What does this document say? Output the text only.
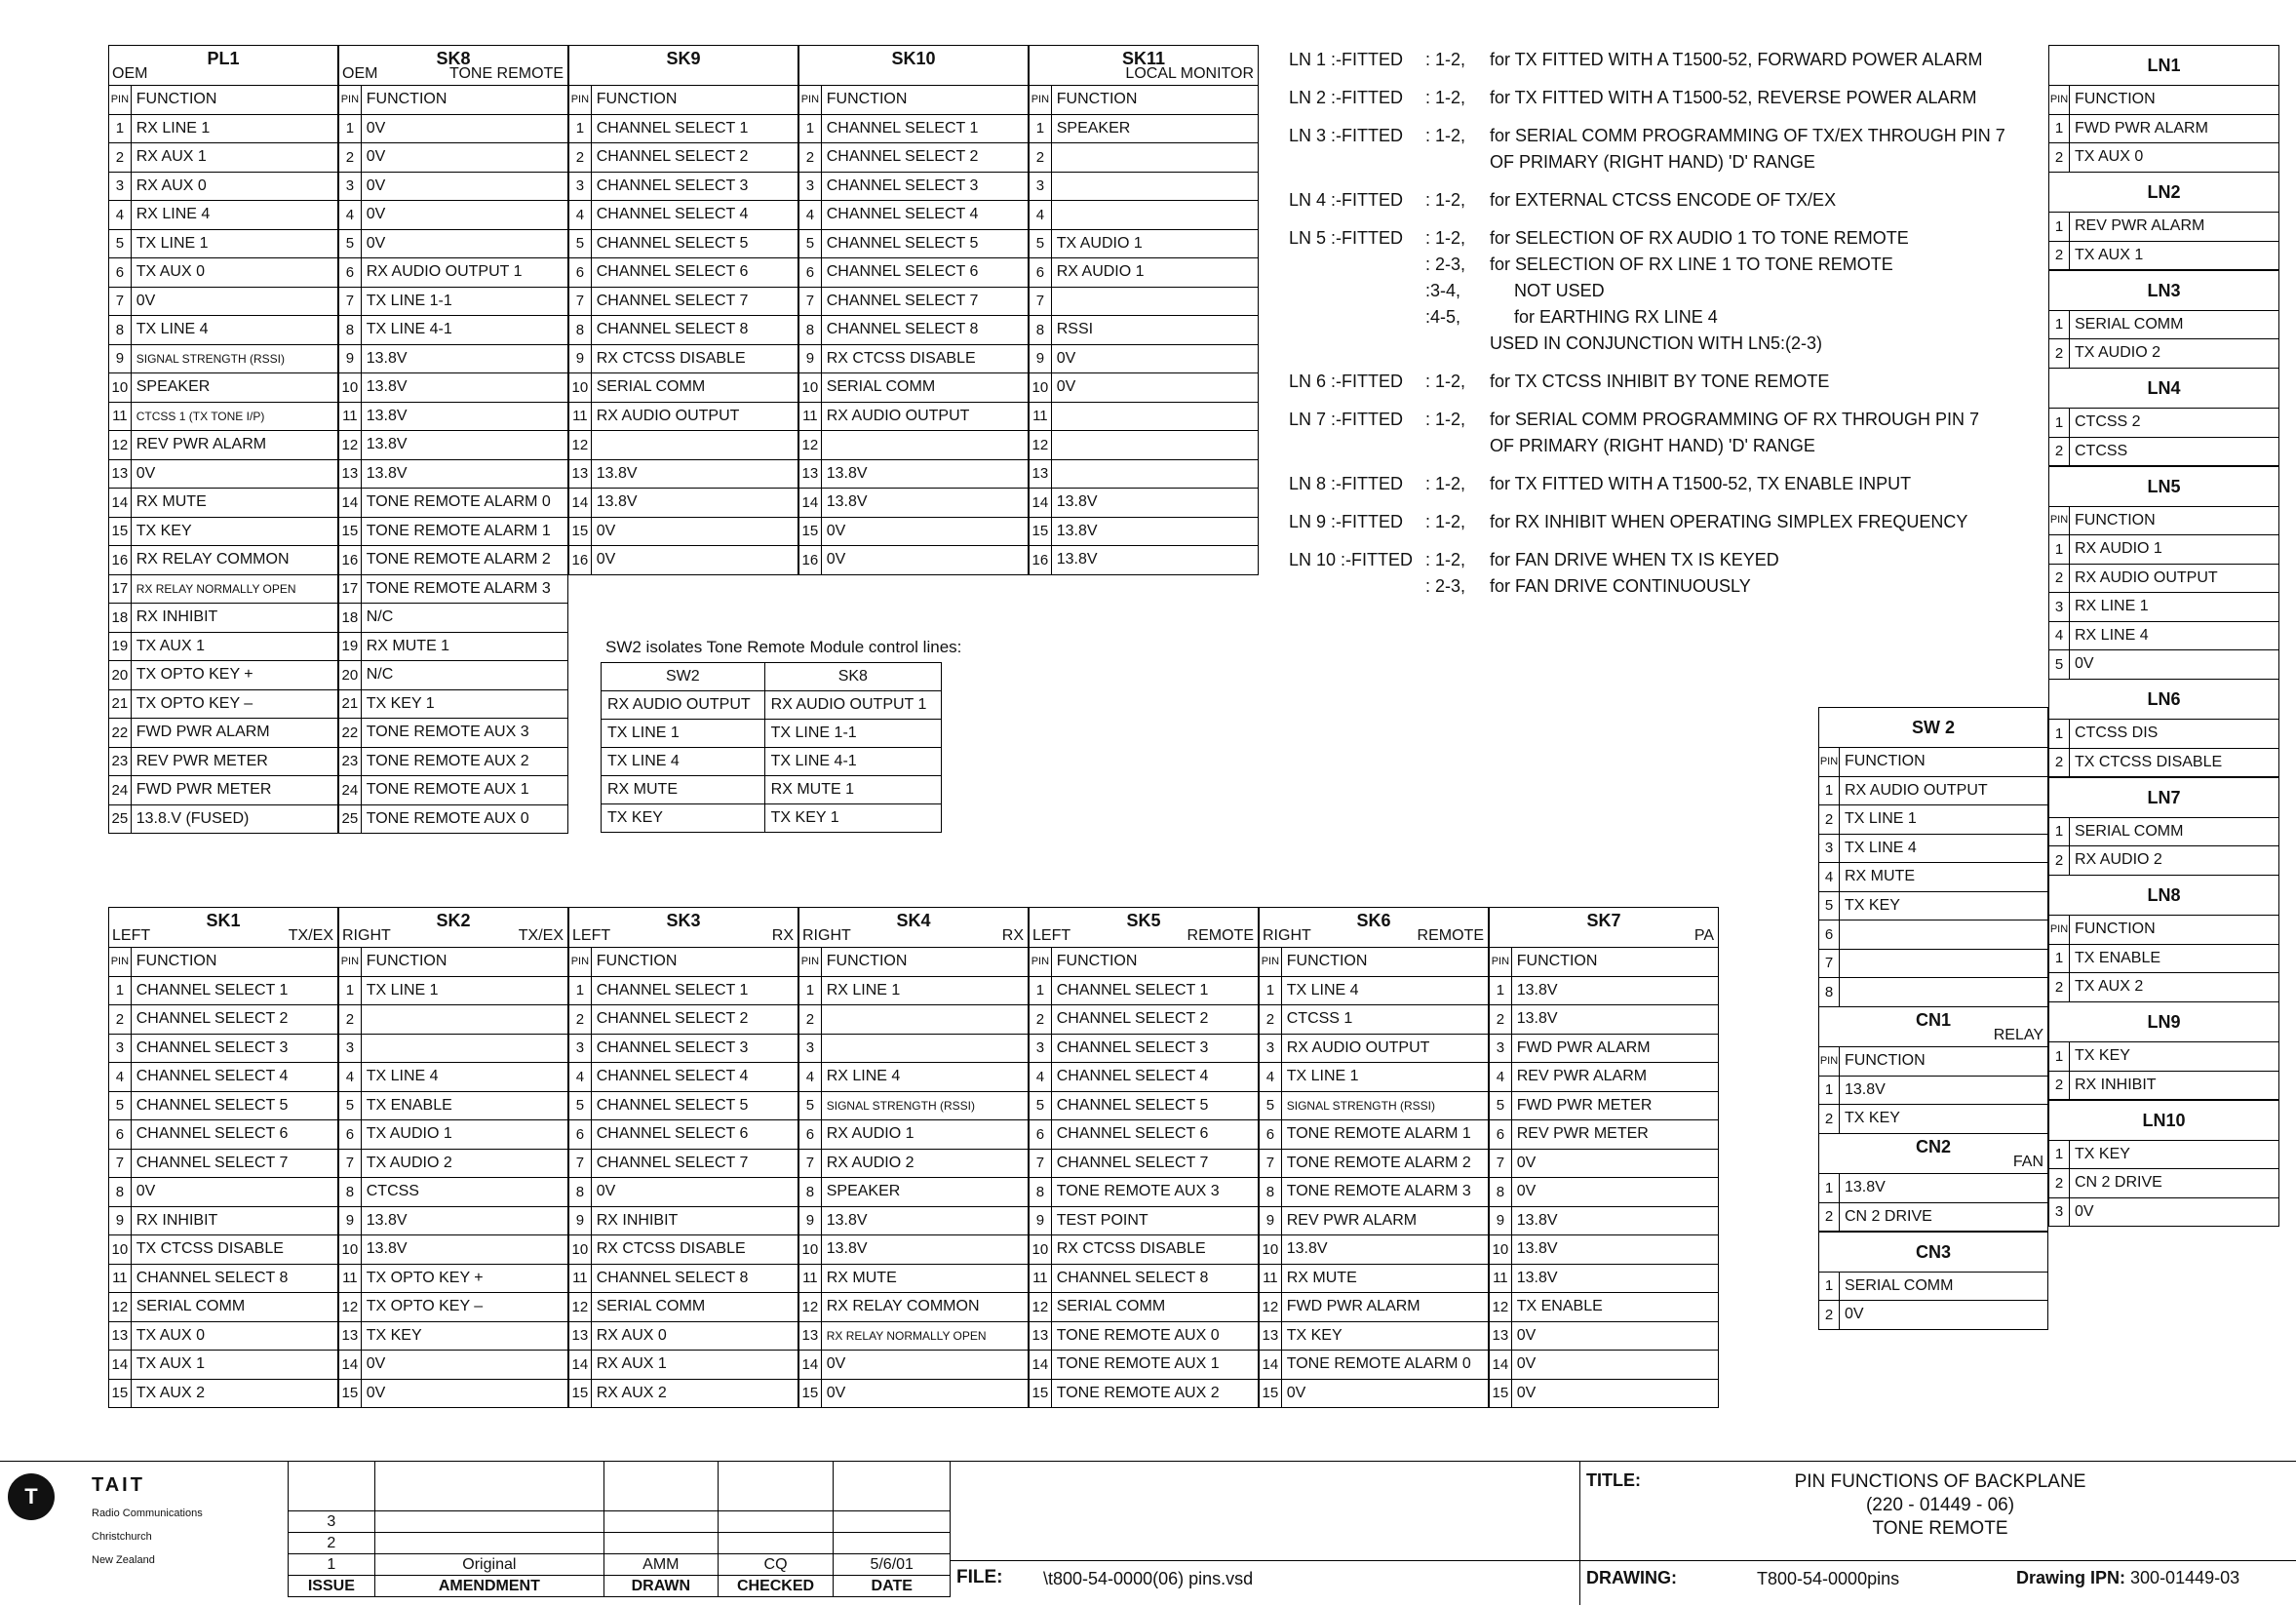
PL1
OEM	

PIN	FUNCTION
1	RX LINE 1
2	RX AUX 1
3	RX AUX 0
4	RX LINE 4
5	TX LINE 1
6	TX AUX 0
7	0V
8	TX LINE 4
9	SIGNAL STRENGTH (RSSI)
10	SPEAKER
11	CTCSS 1 (TX TONE I/P)
12	REV PWR ALARM
13	0V
14	RX MUTE
15	TX KEY
16	RX RELAY COMMON
17	RX RELAY NORMALLY OPEN
18	RX INHIBIT
19	TX AUX 1
20	TX OPTO KEY +
21	TX OPTO KEY –
22	FWD PWR ALARM
23	REV PWR METER
24	FWD PWR METER
25	13.8.V (FUSED)
SK8
OEM TONE REMOTE	

PIN	FUNCTION
1	0V
2	0V
3	0V
4	0V
5	0V
6	RX AUDIO OUTPUT 1
7	TX LINE 1-1
8	TX LINE 4-1
9	13.8V
10	13.8V
11	13.8V
12	13.8V
13	13.8V
14	TONE REMOTE ALARM 0
15	TONE REMOTE ALARM 1
16	TONE REMOTE ALARM 2
17	TONE REMOTE ALARM 3
18	N/C
19	RX MUTE 1
20	N/C
21	TX KEY 1
22	TONE REMOTE AUX 3
23	TONE REMOTE AUX 2
24	TONE REMOTE AUX 1
25	TONE REMOTE AUX 0
SK9	

PIN	FUNCTION
1	CHANNEL SELECT 1
2	CHANNEL SELECT 2
3	CHANNEL SELECT 3
4	CHANNEL SELECT 4
5	CHANNEL SELECT 5
6	CHANNEL SELECT 6
7	CHANNEL SELECT 7
8	CHANNEL SELECT 8
9	RX CTCSS DISABLE
10	SERIAL COMM
11	RX AUDIO OUTPUT
12	
13	13.8V
14	13.8V
15	0V
16	0V
SK10	

PIN	FUNCTION
1	CHANNEL SELECT 1
2	CHANNEL SELECT 2
3	CHANNEL SELECT 3
4	CHANNEL SELECT 4
5	CHANNEL SELECT 5
6	CHANNEL SELECT 6
7	CHANNEL SELECT 7
8	CHANNEL SELECT 8
9	RX CTCSS DISABLE
10	SERIAL COMM
11	RX AUDIO OUTPUT
12	
13	13.8V
14	13.8V
15	0V
16	0V
SK11
LOCAL MONITOR	

PIN	FUNCTION
1	SPEAKER
2	
3	
4	
5	TX AUDIO 1
6	RX AUDIO 1
7	
8	RSSI
9	0V
10	0V
11	
12	
13	
14	13.8V
15	13.8V
16	13.8V
SK1
LEFT TX/EX	

PIN	FUNCTION
1	CHANNEL SELECT 1
2	CHANNEL SELECT 2
3	CHANNEL SELECT 3
4	CHANNEL SELECT 4
5	CHANNEL SELECT 5
6	CHANNEL SELECT 6
7	CHANNEL SELECT 7
8	0V
9	RX INHIBIT
10	TX CTCSS DISABLE
11	CHANNEL SELECT 8
12	SERIAL COMM
13	TX AUX 0
14	TX AUX 1
15	TX AUX 2
SK2
RIGHT TX/EX	

PIN	FUNCTION
1	TX LINE 1
2	
3	
4	TX LINE 4
5	TX ENABLE
6	TX AUDIO 1
7	TX AUDIO 2
8	CTCSS
9	13.8V
10	13.8V
11	TX OPTO KEY +
12	TX OPTO KEY –
13	TX KEY
14	0V
15	0V
SK3
LEFT RX	

PIN	FUNCTION
1	CHANNEL SELECT 1
2	CHANNEL SELECT 2
3	CHANNEL SELECT 3
4	CHANNEL SELECT 4
5	CHANNEL SELECT 5
6	CHANNEL SELECT 6
7	CHANNEL SELECT 7
8	0V
9	RX INHIBIT
10	RX CTCSS DISABLE
11	CHANNEL SELECT 8
12	SERIAL COMM
13	RX AUX 0
14	RX AUX 1
15	RX AUX 2
SK4
RIGHT RX	

PIN	FUNCTION
1	RX LINE 1
2	
3	
4	RX LINE 4
5	SIGNAL STRENGTH (RSSI)
6	RX AUDIO 1
7	RX AUDIO 2
8	SPEAKER
9	13.8V
10	13.8V
11	RX MUTE
12	RX RELAY COMMON
13	RX RELAY NORMALLY OPEN
14	0V
15	0V
SK5
LEFT REMOTE	

PIN	FUNCTION
1	CHANNEL SELECT 1
2	CHANNEL SELECT 2
3	CHANNEL SELECT 3
4	CHANNEL SELECT 4
5	CHANNEL SELECT 5
6	CHANNEL SELECT 6
7	CHANNEL SELECT 7
8	TONE REMOTE AUX 3
9	TEST POINT
10	RX CTCSS DISABLE
11	CHANNEL SELECT 8
12	SERIAL COMM
13	TONE REMOTE AUX 0
14	TONE REMOTE AUX 1
15	TONE REMOTE AUX 2
SK6
RIGHT REMOTE	

PIN	FUNCTION
1	TX LINE 4
2	CTCSS 1
3	RX AUDIO OUTPUT
4	TX LINE 1
5	SIGNAL STRENGTH (RSSI)
6	TONE REMOTE ALARM 1
7	TONE REMOTE ALARM 2
8	TONE REMOTE ALARM 3
9	REV PWR ALARM
10	13.8V
11	RX MUTE
12	FWD PWR ALARM
13	TX KEY
14	TONE REMOTE ALARM 0
15	0V
SK7
PA	

PIN	FUNCTION
1	13.8V
2	13.8V
3	FWD PWR ALARM
4	REV PWR ALARM
5	FWD PWR METER
6	REV PWR METER
7	0V
8	0V
9	13.8V
10	13.8V
11	13.8V
12	TX ENABLE
13	0V
14	0V
15	0V
SW2 isolates Tone Remote Module control lines:
SW2	SK8
RX AUDIO OUTPUT	RX AUDIO OUTPUT 1
TX LINE 1	TX LINE 1-1
TX LINE 4	TX LINE 4-1
RX MUTE	RX MUTE 1
TX KEY	TX KEY 1
LN 1 :-FITTED : 1-2, for TX FITTED WITH A T1500-52, FORWARD POWER ALARM
LN 2 :-FITTED : 1-2, for TX FITTED WITH A T1500-52, REVERSE POWER ALARM
LN 3 :-FITTED : 1-2, for SERIAL COMM PROGRAMMING OF TX/EX THROUGH PIN 7
OF PRIMARY (RIGHT HAND) 'D' RANGE
LN 4 :-FITTED : 1-2, for EXTERNAL CTCSS ENCODE OF TX/EX
LN 5 :-FITTED : 1-2, for SELECTION OF RX AUDIO 1 TO TONE REMOTE
: 2-3, for SELECTION OF RX LINE 1 TO TONE REMOTE
:3-4, NOT USED
:4-5, for EARTHING RX LINE 4
USED IN CONJUNCTION WITH LN5:(2-3)
LN 6 :-FITTED : 1-2, for TX CTCSS INHIBIT BY TONE REMOTE
LN 7 :-FITTED : 1-2, for SERIAL COMM PROGRAMMING OF RX THROUGH PIN 7
OF PRIMARY (RIGHT HAND) 'D' RANGE
LN 8 :-FITTED : 1-2, for TX FITTED WITH A T1500-52, TX ENABLE INPUT
LN 9 :-FITTED : 1-2, for RX INHIBIT WHEN OPERATING SIMPLEX FREQUENCY
LN 10 :-FITTED : 1-2, for FAN DRIVE WHEN TX IS KEYED
: 2-3, for FAN DRIVE CONTINUOUSLY
LN1	

PIN	FUNCTION
1	FWD PWR ALARM
2	TX AUX 0
LN2	

1	REV PWR ALARM
2	TX AUX 1
LN3	

1	SERIAL COMM
2	TX AUDIO 2
LN4	

1	CTCSS 2
2	CTCSS
LN5	

PIN	FUNCTION
1	RX AUDIO 1
2	RX AUDIO OUTPUT
3	RX LINE 1
4	RX LINE 4
5	0V
LN6	

1	CTCSS DIS
2	TX CTCSS DISABLE
LN7	

1	SERIAL COMM
2	RX AUDIO 2
LN8	

PIN	FUNCTION
1	TX ENABLE
2	TX AUX 2
LN9	

1	TX KEY
2	RX INHIBIT
LN10	

1	TX KEY
2	CN 2 DRIVE
3	0V
SW 2	

PIN	FUNCTION
1	RX AUDIO OUTPUT
2	TX LINE 1
3	TX LINE 4
4	RX MUTE
5	TX KEY
6	
7	
8	
CN1
RELAY	

PIN	FUNCTION
1	13.8V
2	TX KEY
CN2
FAN	

1	13.8V
2	CN 2 DRIVE
CN3	

1	SERIAL COMM
2	0V
T	TAIT
Radio Communications
Christchurch
New Zealand

3				
2				
1	Original	AMM	CQ	5/6/01
ISSUE	AMENDMENT	DRAWN	CHECKED	DATE FILE: \t800-54-0000(06) pins.vsd
TITLE:	PIN FUNCTIONS OF BACKPLANE
(220 - 01449 - 06)
TONE REMOTE
DRAWING:	T800-54-0000pins	Drawing IPN: 300-01449-03
